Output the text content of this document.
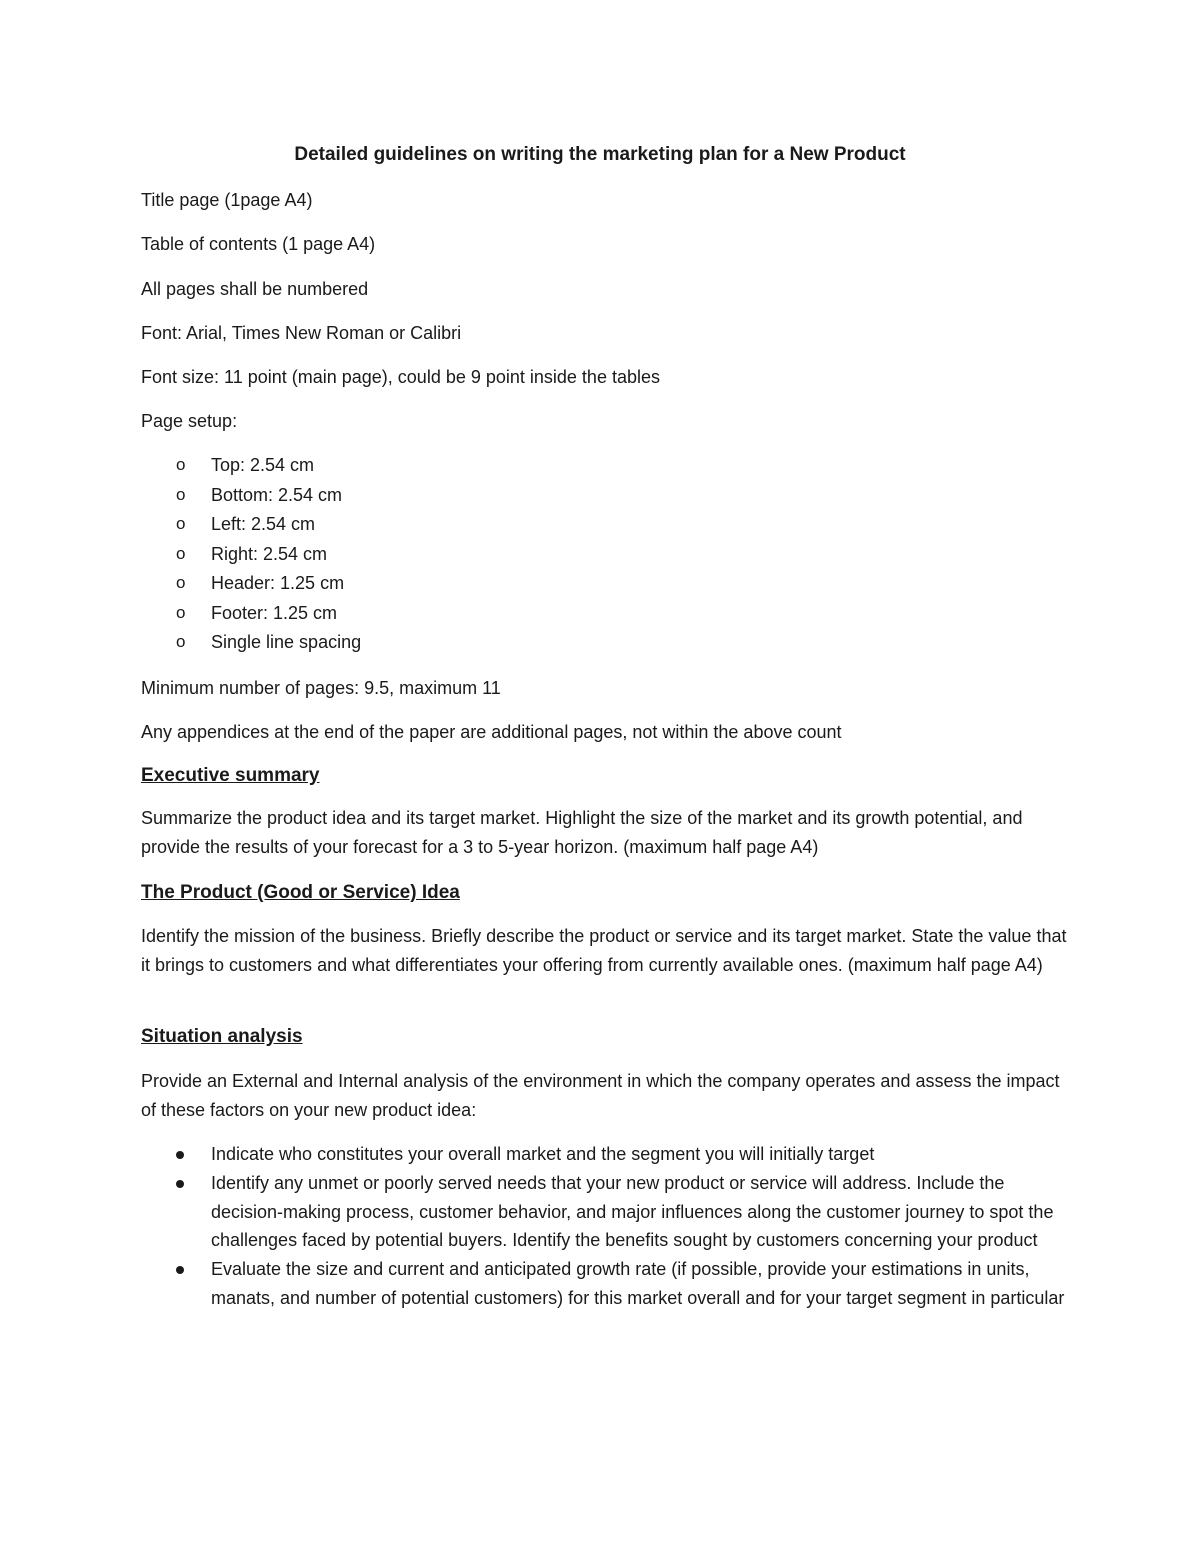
Detailed guidelines on writing the marketing plan for a New Product
Title page (1page A4)
Table of contents (1 page A4)
All pages shall be numbered
Font: Arial, Times New Roman or Calibri
Font size: 11 point (main page), could be 9 point inside the tables
Page setup:
o Top: 2.54 cm
o Bottom: 2.54 cm
o Left: 2.54 cm
o Right: 2.54 cm
o Header: 1.25 cm
o Footer: 1.25 cm
o Single line spacing
Minimum number of pages: 9.5, maximum 11
Any appendices at the end of the paper are additional pages, not within the above count
Executive summary
Summarize the product idea and its target market. Highlight the size of the market and its growth potential, and provide the results of your forecast for a 3 to 5-year horizon. (maximum half page A4)
The Product (Good or Service) Idea
Identify the mission of the business. Briefly describe the product or service and its target market. State the value that it brings to customers and what differentiates your offering from currently available ones. (maximum half page A4)
Situation analysis
Provide an External and Internal analysis of the environment in which the company operates and assess the impact of these factors on your new product idea:
Indicate who constitutes your overall market and the segment you will initially target
Identify any unmet or poorly served needs that your new product or service will address. Include the decision-making process, customer behavior, and major influences along the customer journey to spot the challenges faced by potential buyers. Identify the benefits sought by customers concerning your product
Evaluate the size and current and anticipated growth rate (if possible, provide your estimations in units, manats, and number of potential customers) for this market overall and for your target segment in particular
